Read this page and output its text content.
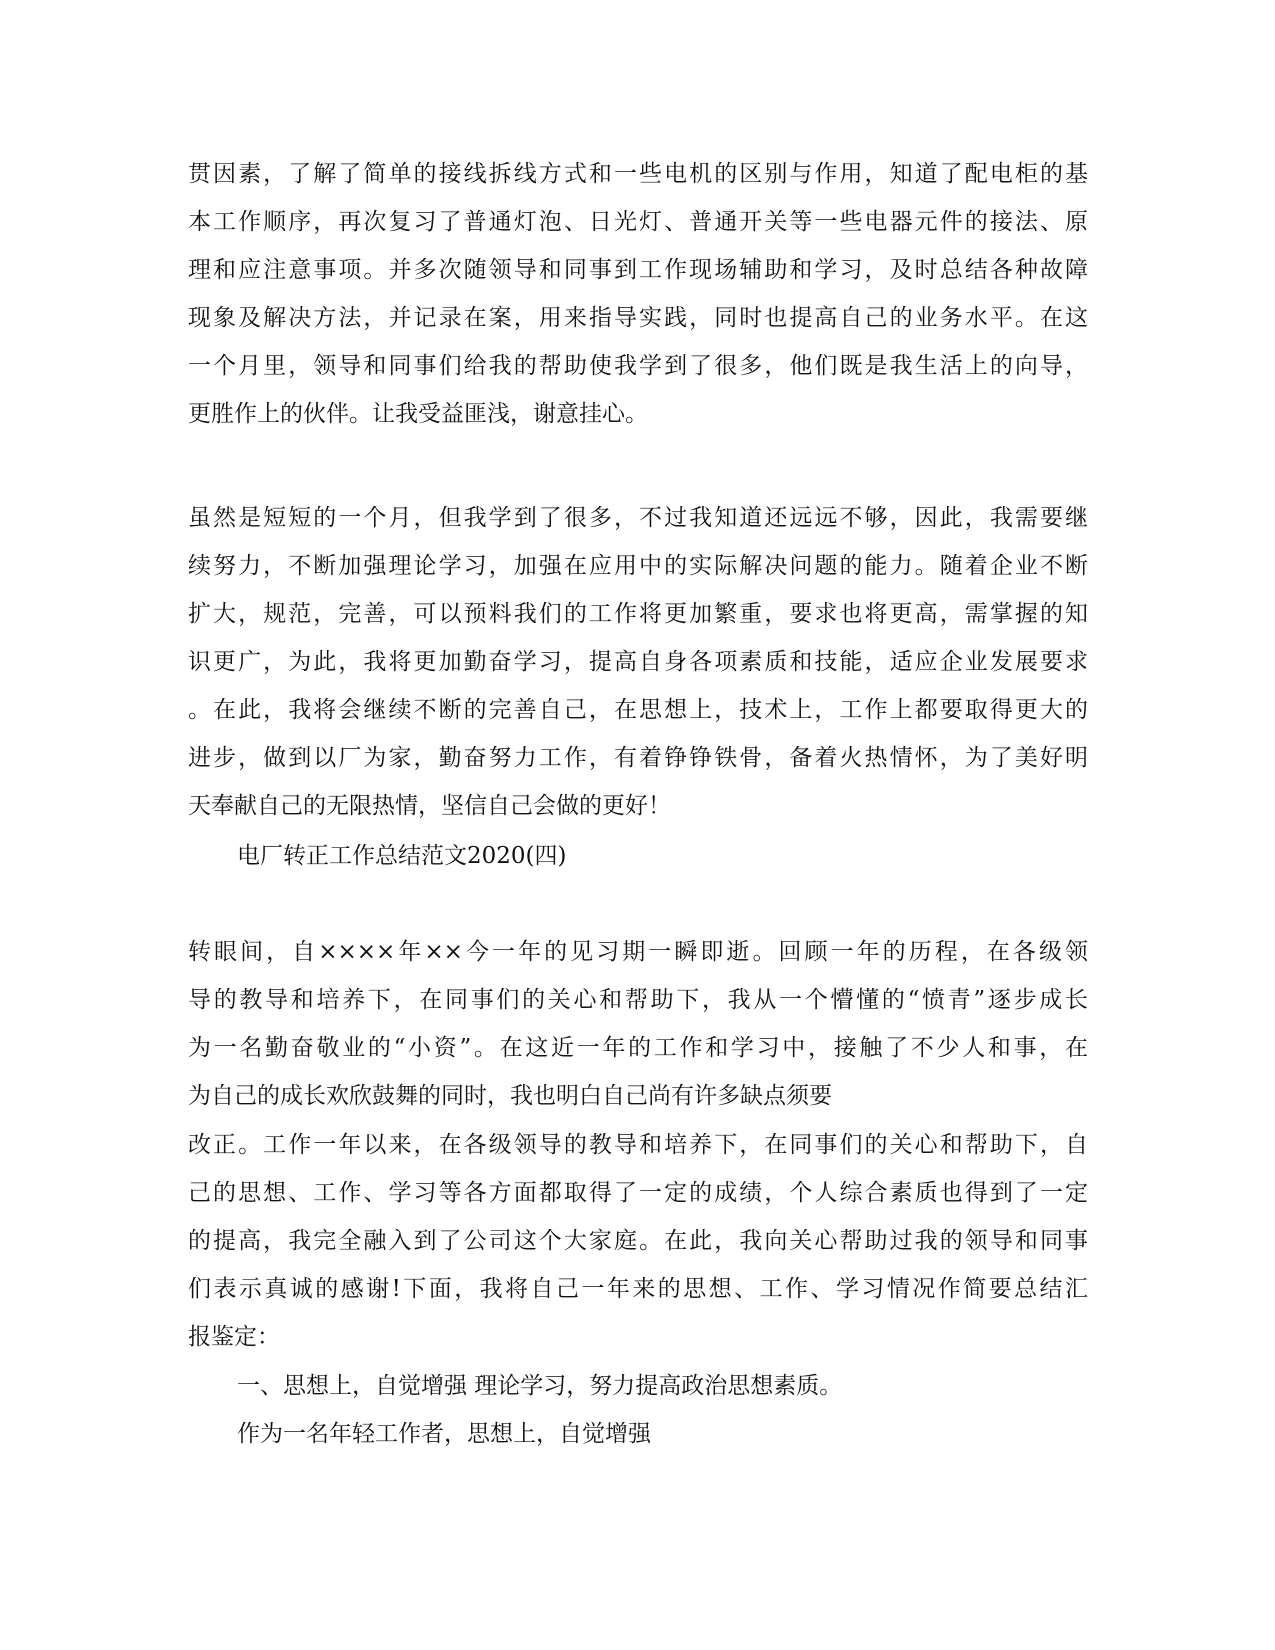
贯因素，了解了简单的接线拆线方式和一些电机的区别与作用，知道了配电柜的基
本工作顺序，再次复习了普通灯泡、日光灯、普通开关等一些电器元件的接法、原
理和应注意事项。并多次随领导和同事到工作现场辅助和学习，及时总结各种故障
现象及解决方法，并记录在案，用来指导实践，同时也提高自己的业务水平。在这
一个月里，领导和同事们给我的帮助使我学到了很多，他们既是我生活上的向导，
更胜作上的伙伴。让我受益匪浅，谢意挂心。
虽然是短短的一个月，但我学到了很多，不过我知道还远远不够，因此，我需要继
续努力，不断加强理论学习，加强在应用中的实际解决问题的能力。随着企业不断
扩大，规范，完善，可以预料我们的工作将更加繁重，要求也将更高，需掌握的知
识更广，为此，我将更加勤奋学习，提高自身各项素质和技能，适应企业发展要求
。在此，我将会继续不断的完善自己，在思想上，技术上，工作上都要取得更大的
进步，做到以厂为家，勤奋努力工作，有着铮铮铁骨，备着火热情怀，为了美好明
天奉献自己的无限热情，坚信自己会做的更好！
电厂转正工作总结范文2020(四)
转眼间，自××××年××今一年的见习期一瞬即逝。回顾一年的历程，在各级领
导的教导和培养下，在同事们的关心和帮助下，我从一个懵懂的“愤青”逐步成长
为一名勤奋敬业的“小资”。在这近一年的工作和学习中，接触了不少人和事，在
为自己的成长欢欣鼓舞的同时，我也明白自己尚有许多缺点须要
改正。工作一年以来，在各级领导的教导和培养下，在同事们的关心和帮助下，自
己的思想、工作、学习等各方面都取得了一定的成绩，个人综合素质也得到了一定
的提高，我完全融入到了公司这个大家庭。在此，我向关心帮助过我的领导和同事
们表示真诚的感谢!下面，我将自己一年来的思想、工作、学习情况作简要总结汇
报鉴定：
一、思想上，自觉增强 理论学习，努力提高政治思想素质。
作为一名年轻工作者，思想上，自觉增强
